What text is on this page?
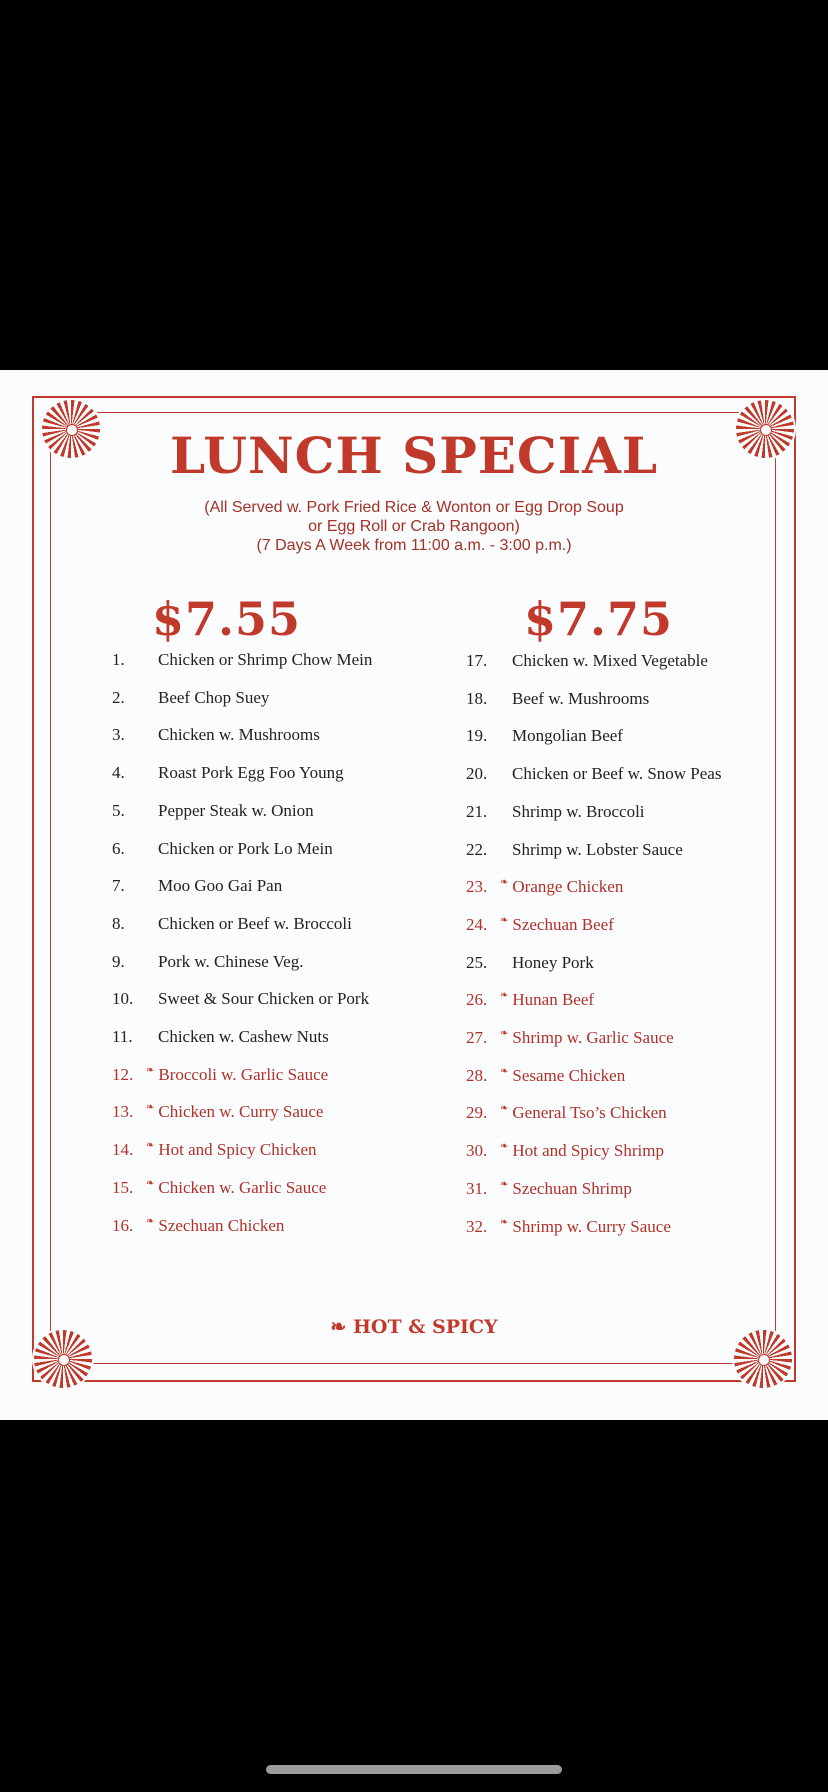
LUNCH SPECIAL
(All Served w. Pork Fried Rice & Wonton or Egg Drop Soup
or Egg Roll or Crab Rangoon)
(7 Days A Week from 11:00 a.m. - 3:00 p.m.)
$7.55	$7.75
1. Chicken or Shrimp Chow Mein
2. Beef Chop Suey
3. Chicken w. Mushrooms
4. Roast Pork Egg Foo Young
5. Pepper Steak w. Onion
6. Chicken or Pork Lo Mein
7. Moo Goo Gai Pan
8. Chicken or Beef w. Broccoli
9. Pork w. Chinese Veg.
10. Sweet & Sour Chicken or Pork
11. Chicken w. Cashew Nuts
12. ❧ Broccoli w. Garlic Sauce
13. ❧ Chicken w. Curry Sauce
14. ❧ Hot and Spicy Chicken
15. ❧ Chicken w. Garlic Sauce
16. ❧ Szechuan Chicken
17. Chicken w. Mixed Vegetable
18. Beef w. Mushrooms
19. Mongolian Beef
20. Chicken or Beef w. Snow Peas
21. Shrimp w. Broccoli
22. Shrimp w. Lobster Sauce
23. ❧ Orange Chicken
24. ❧ Szechuan Beef
25. Honey Pork
26. ❧ Hunan Beef
27. ❧ Shrimp w. Garlic Sauce
28. ❧ Sesame Chicken
29. ❧ General Tso’s Chicken
30. ❧ Hot and Spicy Shrimp
31. ❧ Szechuan Shrimp
32. ❧ Shrimp w. Curry Sauce
❧ HOT & SPICY
